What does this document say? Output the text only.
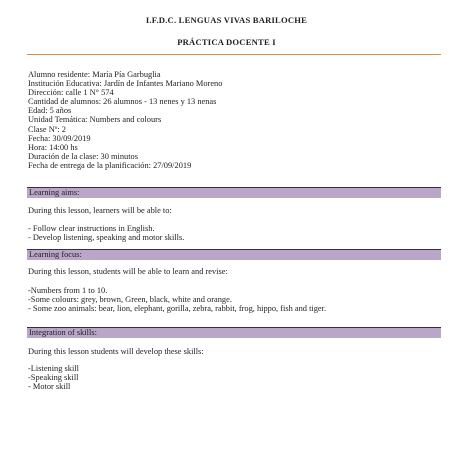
I.F.D.C. LENGUAS VIVAS BARILOCHE
PRÁCTICA DOCENTE I
Alumno residente: María Pía Garbuglia
Institución Educativa: Jardín de Infantes Mariano Moreno
Dirección: calle 1 N° 574
Cantidad de alumnos: 26 alumnos - 13 nenes y 13 nenas
Edad: 5 años
Unidad Temática: Numbers and colours
Clase Nº: 2
Fecha: 30/09/2019
Hora: 14:00 hs
Duración de la clase: 30 minutos
Fecha de entrega de la planificación: 27/09/2019
Learning aims:
During this lesson, learners will be able to:
- Follow clear instructions in English.
- Develop listening, speaking and motor skills.
Learning focus:
During this lesson, students will be able to learn and revise:
-Numbers from 1 to 10.
-Some colours: grey, brown, Green, black, white and orange.
- Some zoo animals: bear, lion, elephant, gorilla, zebra, rabbit, frog, hippo, fish and tiger.
Integration of skills:
During this lesson students will develop these skills:
-Listening skill
-Speaking skill
- Motor skill
